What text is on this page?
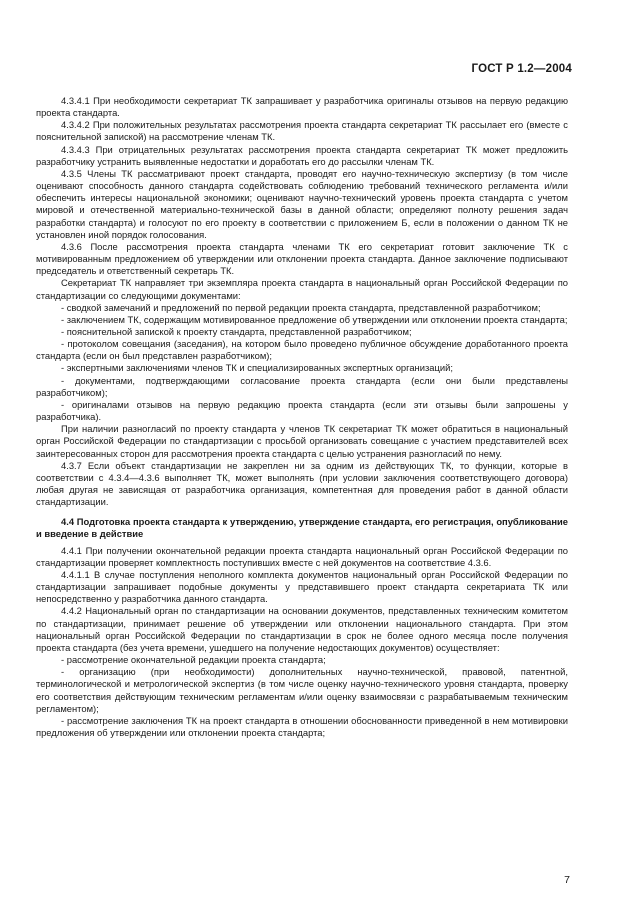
ГОСТ Р 1.2—2004

4.3.4.1 При необходимости секретариат ТК запрашивает у разработчика оригиналы отзывов на первую редакцию проекта стандарта.

4.3.4.2 При положительных результатах рассмотрения проекта стандарта секретариат ТК рассылает его (вместе с пояснительной запиской) на рассмотрение членам ТК.

4.3.4.3 При отрицательных результатах рассмотрения проекта стандарта секретариат ТК может предложить разработчику устранить выявленные недостатки и доработать его до рассылки членам ТК.

4.3.5 Члены ТК рассматривают проект стандарта, проводят его научно-техническую экспертизу (в том числе оценивают способность данного стандарта содействовать соблюдению требований технического регламента и/или обеспечить интересы национальной экономики; оценивают научно-технический уровень проекта стандарта с учетом мировой и отечественной материально-технической базы в данной области; определяют полноту решения задач разработки стандарта) и голосуют по его проекту в соответствии с приложением Б, если в положении о данном ТК не установлен иной порядок голосования.

4.3.6 После рассмотрения проекта стандарта членами ТК его секретариат готовит заключение ТК с мотивированным предложением об утверждении или отклонении проекта стандарта. Данное заключение подписывают председатель и ответственный секретарь ТК.

Секретариат ТК направляет три экземпляра проекта стандарта в национальный орган Российской Федерации по стандартизации со следующими документами:

- сводкой замечаний и предложений по первой редакции проекта стандарта, представленной разработчиком;

- заключением ТК, содержащим мотивированное предложение об утверждении или отклонении проекта стандарта;

- пояснительной запиской к проекту стандарта, представленной разработчиком;

- протоколом совещания (заседания), на котором было проведено публичное обсуждение доработанного проекта стандарта (если он был представлен разработчиком);

- экспертными заключениями членов ТК и специализированных экспертных организаций;

- документами, подтверждающими согласование проекта стандарта (если они были представлены разработчиком);

- оригиналами отзывов на первую редакцию проекта стандарта (если эти отзывы были запрошены у разработчика).

При наличии разногласий по проекту стандарта у членов ТК секретариат ТК может обратиться в национальный орган Российской Федерации по стандартизации с просьбой организовать совещание с участием представителей всех заинтересованных сторон для рассмотрения проекта стандарта с целью устранения разногласий по нему.

4.3.7 Если объект стандартизации не закреплен ни за одним из действующих ТК, то функции, которые в соответствии с 4.3.4—4.3.6 выполняет ТК, может выполнять (при условии заключения соответствующего договора) любая другая не зависящая от разработчика организация, компетентная для проведения работ в данной области стандартизации.

4.4 Подготовка проекта стандарта к утверждению, утверждение стандарта, его регистрация, опубликование и введение в действие

4.4.1 При получении окончательной редакции проекта стандарта национальный орган Российской Федерации по стандартизации проверяет комплектность поступивших вместе с ней документов на соответствие 4.3.6.

4.4.1.1 В случае поступления неполного комплекта документов национальный орган Российской Федерации по стандартизации запрашивает подобные документы у представившего проект стандарта секретариата ТК или непосредственно у разработчика данного стандарта.

4.4.2 Национальный орган по стандартизации на основании документов, представленных техническим комитетом по стандартизации, принимает решение об утверждении или отклонении национального стандарта. При этом национальный орган Российской Федерации по стандартизации в срок не более одного месяца после получения проекта стандарта (без учета времени, ушедшего на получение недостающих документов) осуществляет:

- рассмотрение окончательной редакции проекта стандарта;

- организацию (при необходимости) дополнительных научно-технической, правовой, патентной, терминологической и метрологической экспертиз (в том числе оценку научно-технического уровня стандарта, проверку его соответствия действующим техническим регламентам и/или оценку взаимосвязи с разрабатываемым техническим регламентом);

- рассмотрение заключения ТК на проект стандарта в отношении обоснованности приведенной в нем мотивировки предложения об утверждении или отклонении проекта стандарта;

7
